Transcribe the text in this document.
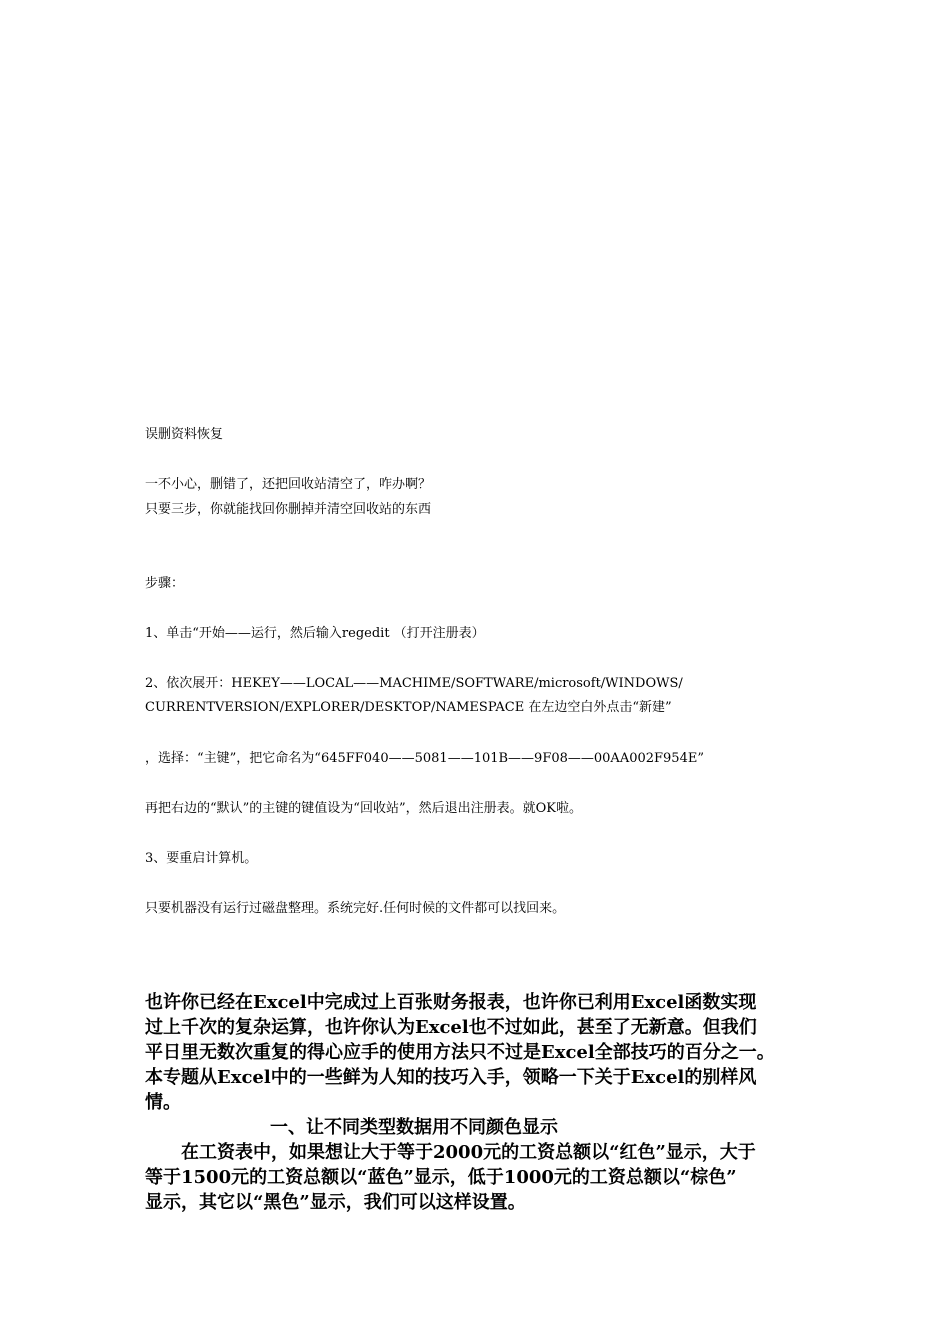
误删资料恢复
一不小心，删错了，还把回收站清空了，咋办啊？
只要三步，你就能找回你删掉并清空回收站的东西
步骤：
1、单击“开始——运行，然后输入regedit （打开注册表）
2、依次展开：HEKEY——LOCAL——MACHIME/SOFTWARE/microsoft/WINDOWS/
CURRENTVERSION/EXPLORER/DESKTOP/NAMESPACE 在左边空白外点击“新建”
，选择：“主键”，把它命名为“645FF040——5081——101B——9F08——00AA002F954E”
再把右边的“默认”的主键的键值设为“回收站”，然后退出注册表。就OK啦。
3、要重启计算机。
只要机器没有运行过磁盘整理。系统完好.任何时候的文件都可以找回来。
也许你已经在Excel中完成过上百张财务报表，也许你已利用Excel函数实现
过上千次的复杂运算，也许你认为Excel也不过如此，甚至了无新意。但我们
平日里无数次重复的得心应手的使用方法只不过是Excel全部技巧的百分之一。
本专题从Excel中的一些鲜为人知的技巧入手，领略一下关于Excel的别样风
情。
一、让不同类型数据用不同颜色显示
在工资表中，如果想让大于等于2000元的工资总额以“红色”显示，大于
等于1500元的工资总额以“蓝色”显示，低于1000元的工资总额以“棕色”
显示，其它以“黑色”显示，我们可以这样设置。
